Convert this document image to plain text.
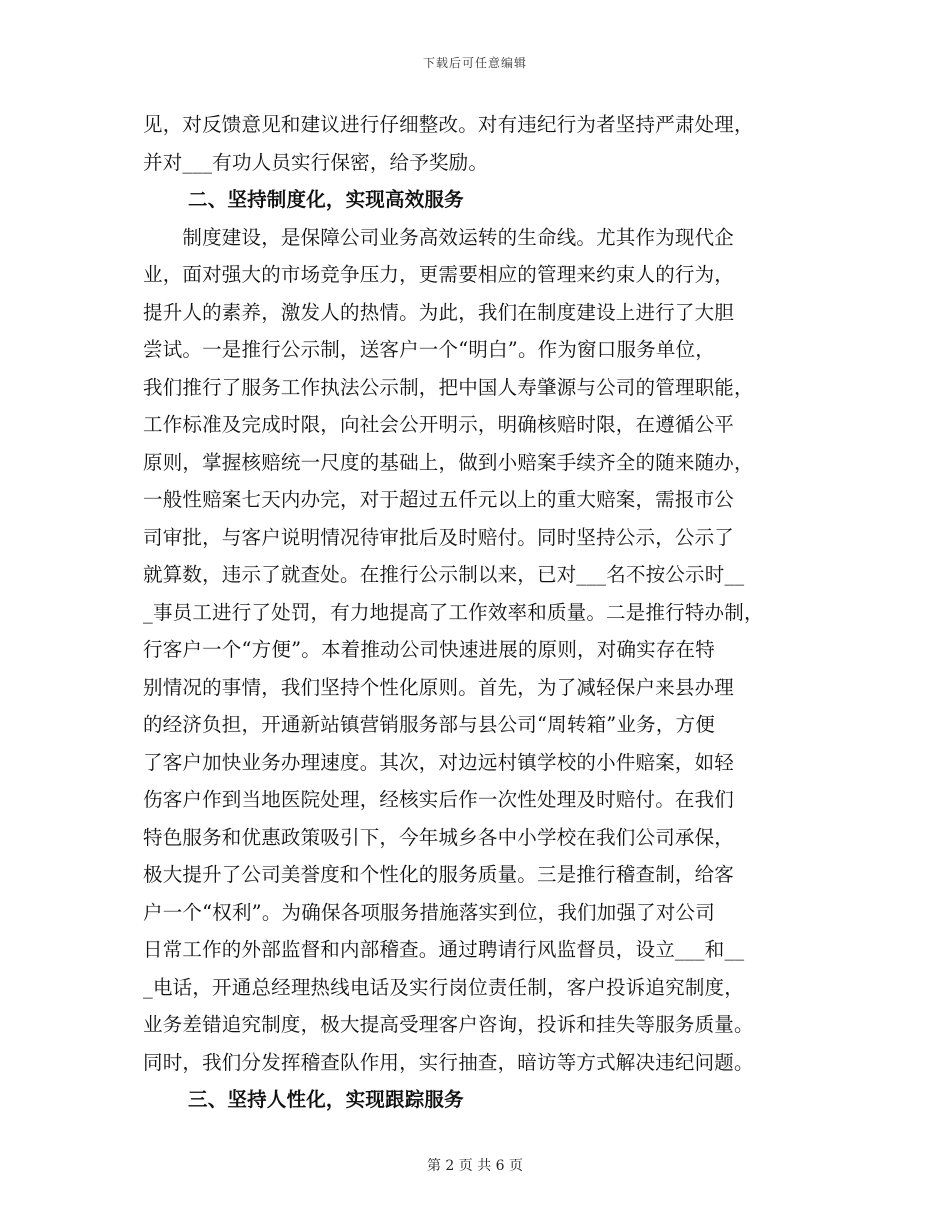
下载后可任意编辑
见，对反馈意见和建议进行仔细整改。对有违纪行为者坚持严肃处理，
并对___有功人员实行保密，给予奖励。
二、坚持制度化，实现高效服务
　　制度建设，是保障公司业务高效运转的生命线。尤其作为现代企
业，面对强大的市场竞争压力，更需要相应的管理来约束人的行为，
提升人的素养，激发人的热情。为此，我们在制度建设上进行了大胆
尝试。一是推行公示制，送客户一个“明白”。作为窗口服务单位，
我们推行了服务工作执法公示制，把中国人寿肇源与公司的管理职能，
工作标准及完成时限，向社会公开明示，明确核赔时限，在遵循公平
原则，掌握核赔统一尺度的基础上，做到小赔案手续齐全的随来随办，
一般性赔案七天内办完，对于超过五仟元以上的重大赔案，需报市公
司审批，与客户说明情况待审批后及时赔付。同时坚持公示，公示了
就算数，违示了就查处。在推行公示制以来，已对___名不按公示时__
_事员工进行了处罚，有力地提高了工作效率和质量。二是推行特办制，
行客户一个“方便”。本着推动公司快速进展的原则，对确实存在特
别情况的事情，我们坚持个性化原则。首先，为了减轻保户来县办理
的经济负担，开通新站镇营销服务部与县公司“周转箱”业务，方便
了客户加快业务办理速度。其次，对边远村镇学校的小件赔案，如轻
伤客户作到当地医院处理，经核实后作一次性处理及时赔付。在我们
特色服务和优惠政策吸引下，今年城乡各中小学校在我们公司承保，
极大提升了公司美誉度和个性化的服务质量。三是推行稽查制，给客
户一个“权利”。为确保各项服务措施落实到位，我们加强了对公司
日常工作的外部监督和内部稽查。通过聘请行风监督员，设立___和__
_电话，开通总经理热线电话及实行岗位责任制，客户投诉追究制度，
业务差错追究制度，极大提高受理客户咨询，投诉和挂失等服务质量。
同时，我们分发挥稽查队作用，实行抽查，暗访等方式解决违纪问题。
三、坚持人性化，实现跟踪服务
第 2 页 共 6 页
